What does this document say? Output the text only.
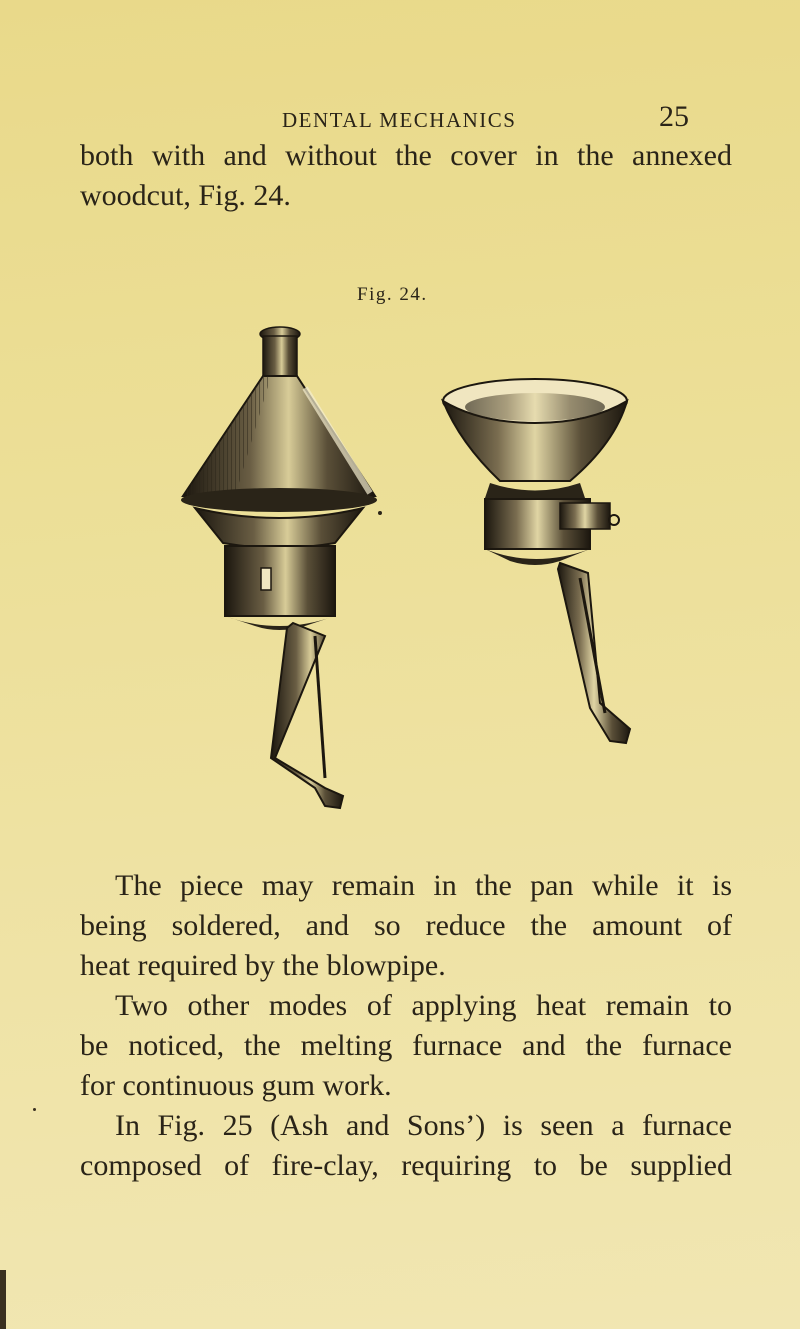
DENTAL MECHANICS	25
both with and without the cover in the annexed
woodcut, Fig. 24.
Fig. 24.
The piece may remain in the pan while it is
being soldered, and so reduce the amount of
heat required by the blowpipe.
Two other modes of applying heat remain to
be noticed, the melting furnace and the furnace
for continuous gum work.
In Fig. 25 (Ash and Sons’) is seen a furnace
composed of fire-clay, requiring to be supplied
